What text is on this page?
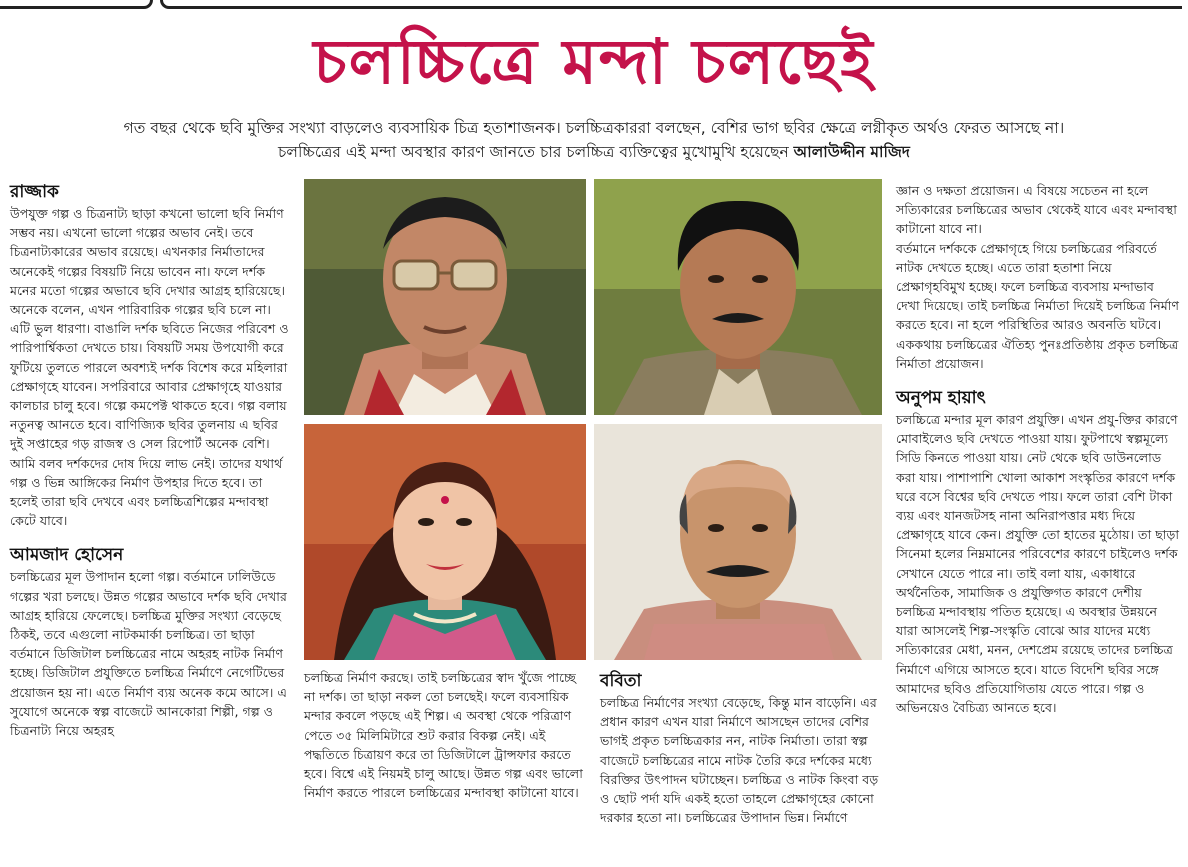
চলচ্চিত্রে মন্দা চলছেই
গত বছর থেকে ছবি মুক্তির সংখ্যা বাড়লেও ব্যবসায়িক চিত্র হতাশাজনক। চলচ্চিত্রকাররা বলছেন, বেশির ভাগ ছবির ক্ষেত্রে লগ্নীকৃত অর্থও ফেরত আসছে না।
চলচ্চিত্রের এই মন্দা অবস্থার কারণ জানতে চার চলচ্চিত্র ব্যক্তিত্বের মুখোমুখি হয়েছেন আলাউদ্দীন মাজিদ
রাজ্জাক

উপযুক্ত গল্প ও চিত্রনাট্য ছাড়া কখনো ভালো ছবি নির্মাণ সম্ভব নয়। এখনো ভালো গল্পের অভাব নেই। তবে চিত্রনাট্যকারের অভাব রয়েছে। এখনকার নির্মাতাদের অনেকেই গল্পের বিষয়টি নিয়ে ভাবেন না। ফলে দর্শক মনের মতো গল্পের অভাবে ছবি দেখার আগ্রহ হারিয়েছে। অনেকে বলেন, এখন পারিবারিক গল্পের ছবি চলে না। এটি ভুল ধারণা। বাঙালি দর্শক ছবিতে নিজের পরিবেশ ও পারিপার্শ্বিকতা দেখতে চায়। বিষয়টি সময় উপযোগী করে ফুটিয়ে তুলতে পারলে অবশ্যই দর্শক বিশেষ করে মহিলারা প্রেক্ষাগৃহে যাবেন। সপরিবারে আবার প্রেক্ষাগৃহে যাওয়ার কালচার চালু হবে। গল্পে কমপেক্ট থাকতে হবে। গল্প বলায় নতুনত্ব আনতে হবে। বাণিজ্যিক ছবির তুলনায় এ ছবির দুই সপ্তাহের গড় রাজস্ব ও সেল রিপোর্ট অনেক বেশি। আমি বলব দর্শকদের দোষ দিয়ে লাভ নেই। তাদের যথার্থ গল্প ও ভিন্ন আঙ্গিকের নির্মাণ উপহার দিতে হবে। তা হলেই তারা ছবি দেখবে এবং চলচ্চিত্রশিল্পের মন্দাবস্থা কেটে যাবে।

আমজাদ হোসেন

চলচ্চিত্রের মূল উপাদান হলো গল্প। বর্তমানে ঢালিউডে গল্পের খরা চলছে। উন্নত গল্পের অভাবে দর্শক ছবি দেখার আগ্রহ হারিয়ে ফেলেছে। চলচ্চিত্র মুক্তির সংখ্যা বেড়েছে ঠিকই, তবে এগুলো নাটকমার্কা চলচ্চিত্র। তা ছাড়া বর্তমানে ডিজিটাল চলচ্চিত্রের নামে অহরহ নাটক নির্মাণ হচ্ছে। ডিজিটাল প্রযুক্তিতে চলচ্চিত্র নির্মাণে নেগেটিভের প্রয়োজন হয় না। এতে নির্মাণ ব্যয় অনেক কমে আসে। এ সুযোগে অনেকে স্বল্প বাজেটে আনকোরা শিল্পী, গল্প ও চিত্রনাট্য নিয়ে অহরহ

চলচ্চিত্র নির্মাণ করছে। তাই চলচ্চিত্রের স্বাদ খুঁজে পাচ্ছে না দর্শক। তা ছাড়া নকল তো চলছেই। ফলে ব্যবসায়িক মন্দার কবলে পড়ছে এই শিল্প। এ অবস্থা থেকে পরিত্রাণ পেতে ৩৫ মিলিমিটারে শুট করার বিকল্প নেই। এই পদ্ধতিতে চিত্রায়ণ করে তা ডিজিটালে ট্রান্সফার করতে হবে। বিশ্বে এই নিয়মই চালু আছে। উন্নত গল্প এবং ভালো নির্মাণ করতে পারলে চলচ্চিত্রের মন্দাবস্থা কাটানো যাবে।

ববিতা

চলচ্চিত্র নির্মাণের সংখ্যা বেড়েছে, কিন্তু মান বাড়েনি। এর প্রধান কারণ এখন যারা নির্মাণে আসছেন তাদের বেশির ভাগই প্রকৃত চলচ্চিত্রকার নন, নাটক নির্মাতা। তারা স্বল্প বাজেটে চলচ্চিত্রের নামে নাটক তৈরি করে দর্শকের মধ্যে বিরক্তির উৎপাদন ঘটাচ্ছেন। চলচ্চিত্র ও নাটক কিংবা বড় ও ছোট পর্দা যদি একই হতো তাহলে প্রেক্ষাগৃহের কোনো দরকার হতো না। চলচ্চিত্রের উপাদান ভিন্ন। নির্মাণে

জ্ঞান ও দক্ষতা প্রয়োজন। এ বিষয়ে সচেতন না হলে সত্যিকারের চলচ্চিত্রের অভাব থেকেই যাবে এবং মন্দাবস্থা কাটানো যাবে না।

বর্তমানে দর্শককে প্রেক্ষাগৃহে গিয়ে চলচ্চিত্রের পরিবর্তে নাটক দেখতে হচ্ছে। এতে তারা হতাশা নিয়ে প্রেক্ষাগৃহবিমুখ হচ্ছে। ফলে চলচ্চিত্র ব্যবসায় মন্দাভাব দেখা দিয়েছে। তাই চলচ্চিত্র নির্মাতা দিয়েই চলচ্চিত্র নির্মাণ করতে হবে। না হলে পরিস্থিতির আরও অবনতি ঘটবে। এককথায় চলচ্চিত্রের ঐতিহ্য পুনঃপ্রতিষ্ঠায় প্রকৃত চলচ্চিত্র নির্মাতা প্রয়োজন।

অনুপম হায়াৎ

চলচ্চিত্রে মন্দার মূল কারণ প্রযুক্তি। এখন প্রযু-ক্তির কারণে মোবাইলেও ছবি দেখতে পাওয়া যায়। ফুটপাথে স্বল্পমূল্যে সিডি কিনতে পাওয়া যায়। নেট থেকে ছবি ডাউনলোড করা যায়। পাশাপাশি খোলা আকাশ সংস্কৃতির কারণে দর্শক ঘরে বসে বিশ্বের ছবি দেখতে পায়। ফলে তারা বেশি টাকা ব্যয় এবং যানজটসহ নানা অনিরাপত্তার মধ্য দিয়ে প্রেক্ষাগৃহে যাবে কেন। প্রযুক্তি তো হাতের মুঠোয়। তা ছাড়া সিনেমা হলের নিম্নমানের পরিবেশের কারণে চাইলেও দর্শক সেখানে যেতে পারে না। তাই বলা যায়, একাধারে অর্থনৈতিক, সামাজিক ও প্রযুক্তিগত কারণে দেশীয় চলচ্চিত্র মন্দাবস্থায় পতিত হয়েছে। এ অবস্থার উন্নয়নে যারা আসলেই শিল্প-সংস্কৃতি বোঝে আর যাদের মধ্যে সত্যিকারের মেধা, মনন, দেশপ্রেম রয়েছে তাদের চলচ্চিত্র নির্মাণে এগিয়ে আসতে হবে। যাতে বিদেশি ছবির সঙ্গে আমাদের ছবিও প্রতিযোগিতায় যেতে পারে। গল্প ও অভিনয়েও বৈচিত্র্য আনতে হবে।
